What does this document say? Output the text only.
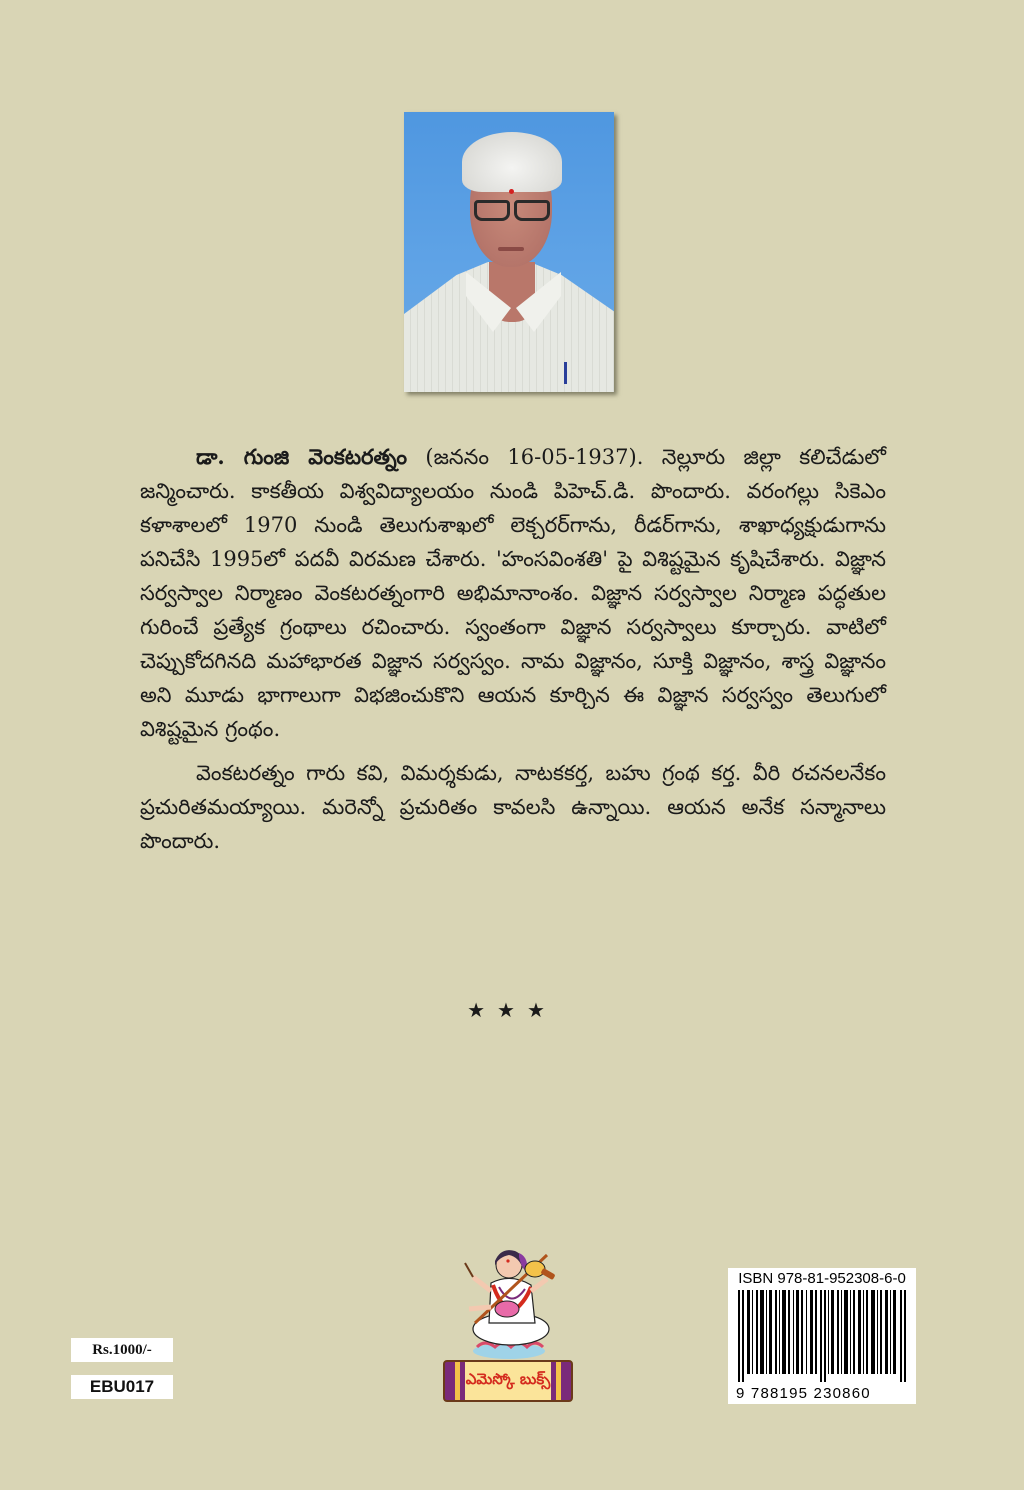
డా. గుంజి వెంకటరత్నం (జననం 16-05-1937). నెల్లూరు జిల్లా కలిచేడులో జన్మించారు. కాకతీయ విశ్వవిద్యాలయం నుండి పిహెచ్.డి. పొందారు. వరంగల్లు సికెఎం కళాశాలలో 1970 నుండి తెలుగుశాఖలో లెక్చరర్‌గాను, రీడర్‌గాను, శాఖాధ్యక్షుడుగాను పనిచేసి 1995లో పదవీ విరమణ చేశారు. 'హంసవింశతి' పై విశిష్టమైన కృషిచేశారు. విజ్ఞాన సర్వస్వాల నిర్మాణం వెంకటరత్నంగారి అభిమానాంశం. విజ్ఞాన సర్వస్వాల నిర్మాణ పద్ధతుల గురించే ప్రత్యేక గ్రంథాలు రచించారు. స్వంతంగా విజ్ఞాన సర్వస్వాలు కూర్చారు. వాటిలో చెప్పుకోదగినది మహాభారత విజ్ఞాన సర్వస్వం. నామ విజ్ఞానం, సూక్తి విజ్ఞానం, శాస్త్ర విజ్ఞానం అని మూడు భాగాలుగా విభజించుకొని ఆయన కూర్చిన ఈ విజ్ఞాన సర్వస్వం తెలుగులో విశిష్టమైన గ్రంథం.

వెంకటరత్నం గారు కవి, విమర్శకుడు, నాటకకర్త, బహు గ్రంథ కర్త. వీరి రచనలనేకం ప్రచురితమయ్యాయి. మరెన్నో ప్రచురితం కావలసి ఉన్నాయి. ఆయన అనేక సన్మానాలు పొందారు.

★★★
ఎమెస్కో బుక్స్
ISBN 978-81-952308-6-0
9 788195 230860
Rs.1000/-
EBU017
